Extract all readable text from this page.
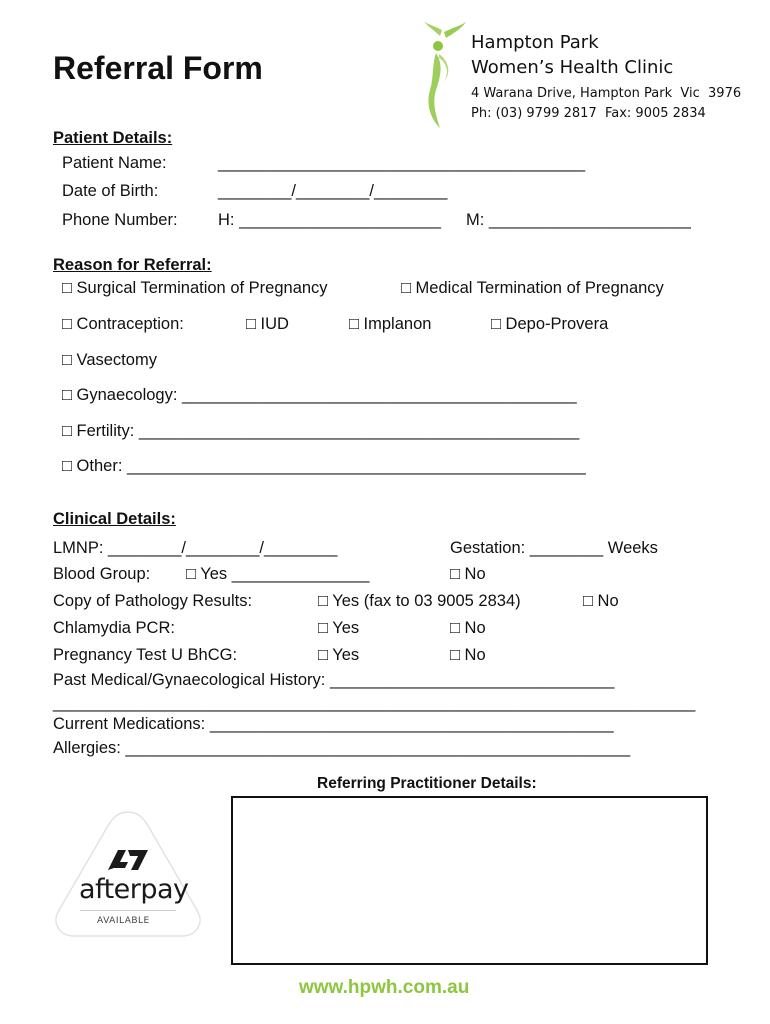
Referral Form
Hampton Park
Women’s Health Clinic
4 Warana Drive, Hampton Park  Vic  3976
Ph: (03) 9799 2817  Fax: 9005 2834
Patient Details:
Patient Name:	________________________________________
Date of Birth:	________/________/________
Phone Number: H: ______________________ M: ______________________
Reason for Referral:
□ Surgical Termination of Pregnancy	□ Medical Termination of Pregnancy
□ Contraception:	□ IUD	□ Implanon	□ Depo-Provera
□ Vasectomy
□ Gynaecology: ___________________________________________
□ Fertility: ________________________________________________
□ Other: __________________________________________________
Clinical Details:
LMNP: ________/________/________	Gestation: ________ Weeks
Blood Group: □ Yes _______________	□ No
Copy of Pathology Results:	□ Yes (fax to 03 9005 2834)	□ No
Chlamydia PCR:	□ Yes	□ No
Pregnancy Test U BhCG:	□ Yes	□ No
Past Medical/Gynaecological History: _______________________________
______________________________________________________________________
Current Medications: ____________________________________________
Allergies: _______________________________________________________
Referring Practitioner Details:
afterpay
AVAILABLE
www.hpwh.com.au
